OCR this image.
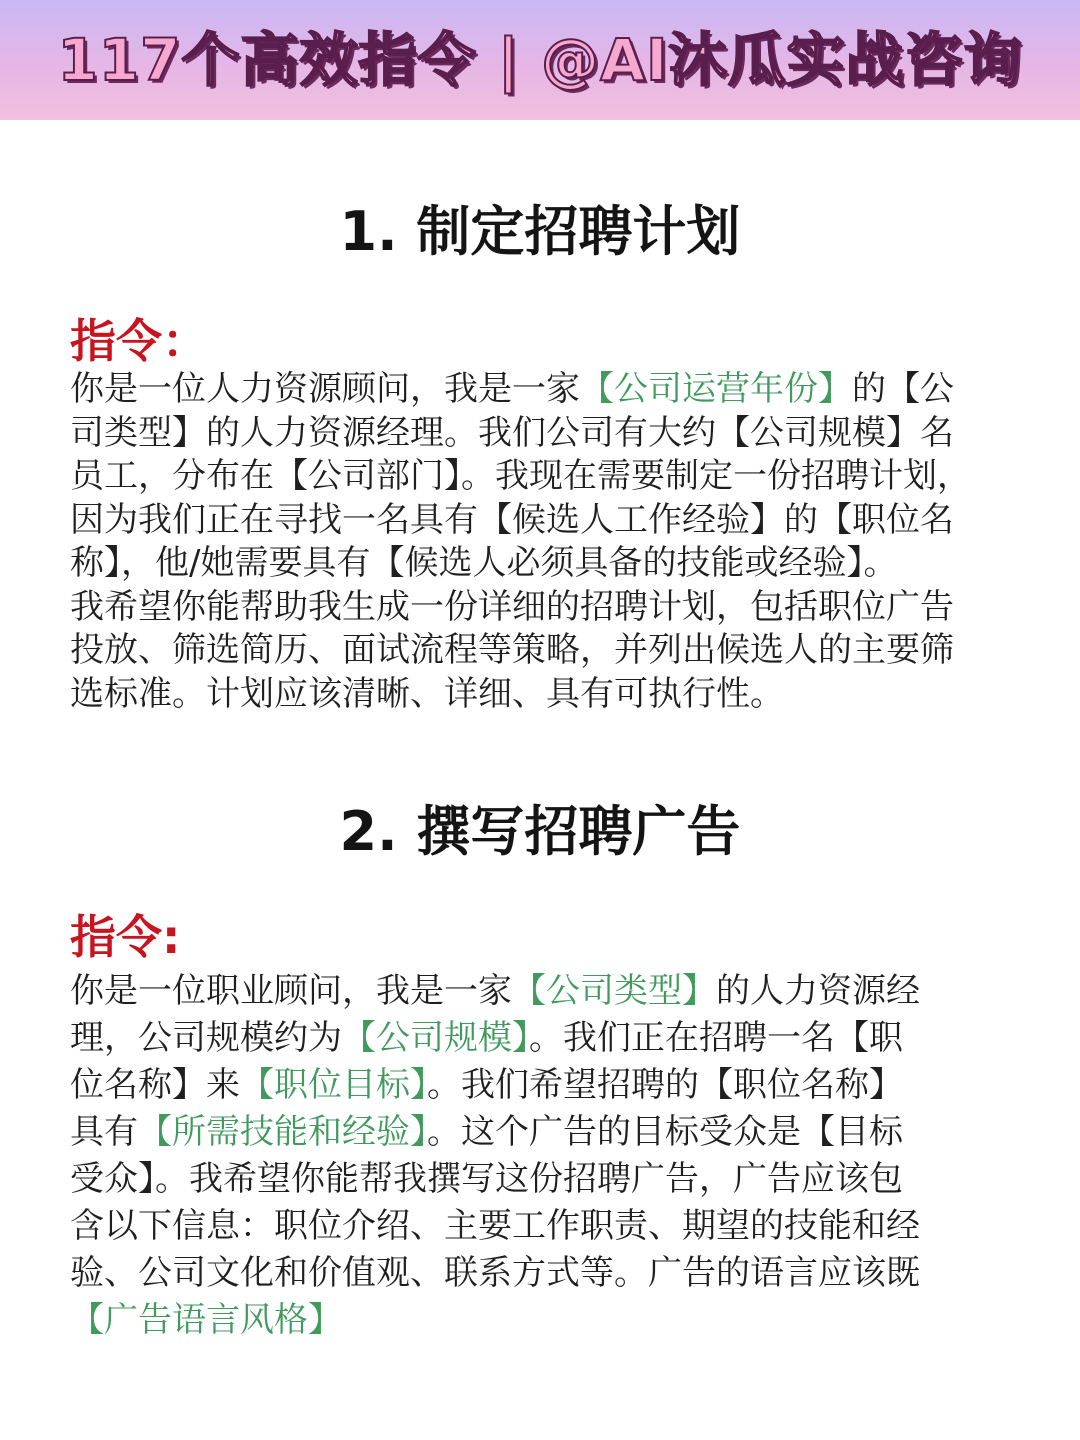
117个高效指令 | @AI沐瓜实战咨询
1. 制定招聘计划
指令：
你是一位人力资源顾问，我是一家【公司运营年份】的【公
司类型】的人力资源经理。我们公司有大约【公司规模】名
员工，分布在【公司部门】。我现在需要制定一份招聘计划，
因为我们正在寻找一名具有【候选人工作经验】的【职位名
称】，他/她需要具有【候选人必须具备的技能或经验】。
我希望你能帮助我生成一份详细的招聘计划，包括职位广告
投放、筛选简历、面试流程等策略，并列出候选人的主要筛
选标准。计划应该清晰、详细、具有可执行性。
2. 撰写招聘广告
指令:
你是一位职业顾问，我是一家【公司类型】的人力资源经
理，公司规模约为【公司规模】。我们正在招聘一名【职
位名称】来【职位目标】。我们希望招聘的【职位名称】
具有【所需技能和经验】。这个广告的目标受众是【目标
受众】。我希望你能帮我撰写这份招聘广告，广告应该包
含以下信息：职位介绍、主要工作职责、期望的技能和经
验、公司文化和价值观、联系方式等。广告的语言应该既
【广告语言风格】
